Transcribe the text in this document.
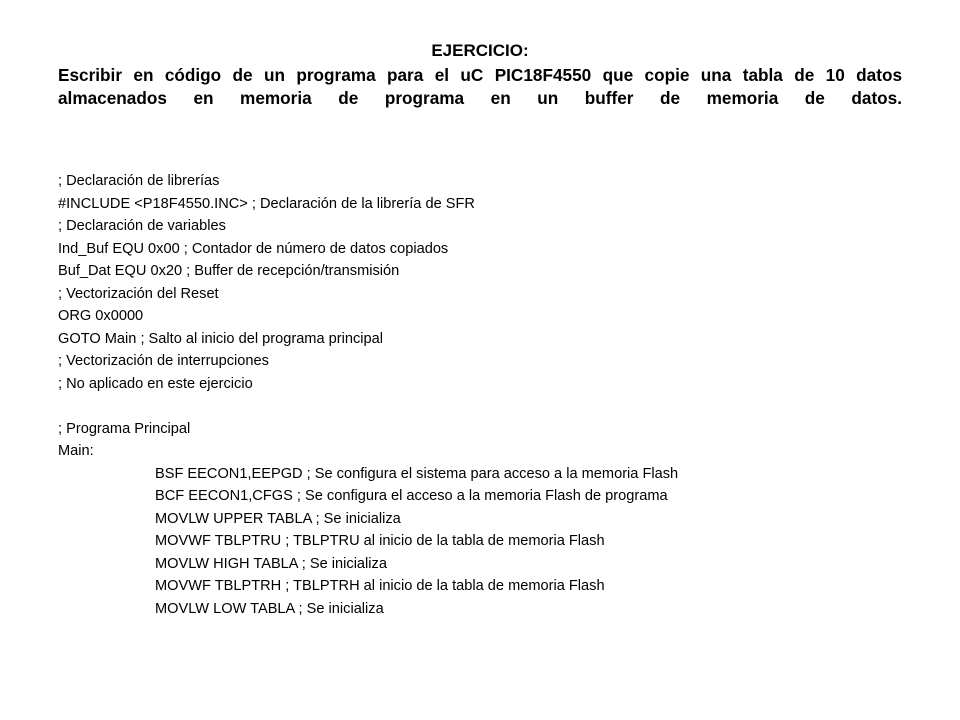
EJERCICIO:

Escribir en código de un programa para el uC PIC18F4550 que copie una tabla de 10 datos almacenados en memoria de programa en un buffer de memoria de datos.

; Declaración de librerías
#INCLUDE <P18F4550.INC> ; Declaración de la librería de SFR
; Declaración de variables
Ind_Buf EQU 0x00 ; Contador de número de datos copiados
Buf_Dat EQU 0x20 ; Buffer de recepción/transmisión
; Vectorización del Reset
ORG 0x0000
GOTO Main ; Salto al inicio del programa principal
; Vectorización de interrupciones
; No aplicado en este ejercicio
; Programa Principal
Main:
BSF EECON1,EEPGD ; Se configura el sistema para acceso a la memoria Flash
BCF EECON1,CFGS ; Se configura el acceso a la memoria Flash de programa
MOVLW UPPER TABLA ; Se inicializa
MOVWF TBLPTRU ; TBLPTRU al inicio de la tabla de memoria Flash
MOVLW HIGH TABLA ; Se inicializa
MOVWF TBLPTRH ; TBLPTRH al inicio de la tabla de memoria Flash
MOVLW LOW TABLA ; Se inicializa
